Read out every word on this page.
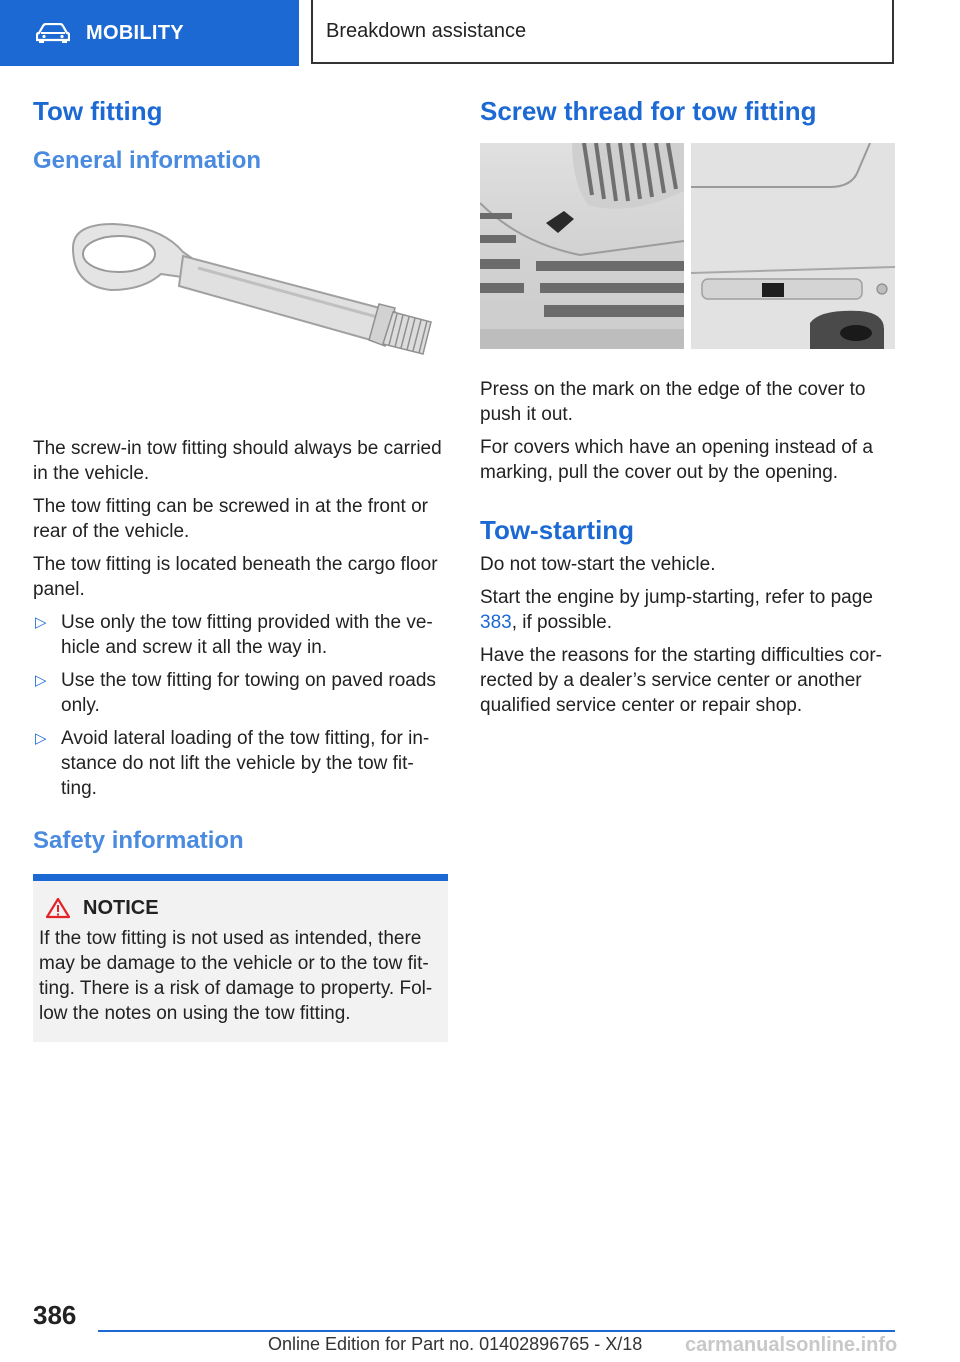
MOBILITY	Breakdown assistance
Tow fitting
General information

The screw-in tow fitting should always be carried in the vehicle.

The tow fitting can be screwed in at the front or rear of the vehicle.

The tow fitting is located beneath the cargo floor panel.

▷ Use only the tow fitting provided with the ve-hicle and screw it all the way in.
▷ Use the tow fitting for towing on paved roads only.
▷ Avoid lateral loading of the tow fitting, for in-stance do not lift the vehicle by the tow fit-ting.
Safety information
NOTICE

If the tow fitting is not used as intended, there may be damage to the vehicle or to the tow fit-ting. There is a risk of damage to property. Fol-low the notes on using the tow fitting.

Screw thread for tow fitting

Press on the mark on the edge of the cover to push it out.

For covers which have an opening instead of a marking, pull the cover out by the opening.

Tow-starting

Do not tow-start the vehicle.

Start the engine by jump-starting, refer to page 383, if possible.

Have the reasons for the starting difficulties cor-rected by a dealer’s service center or another qualified service center or repair shop.

386
Online Edition for Part no. 01402896765 - X/18 carmanualsonline.info
